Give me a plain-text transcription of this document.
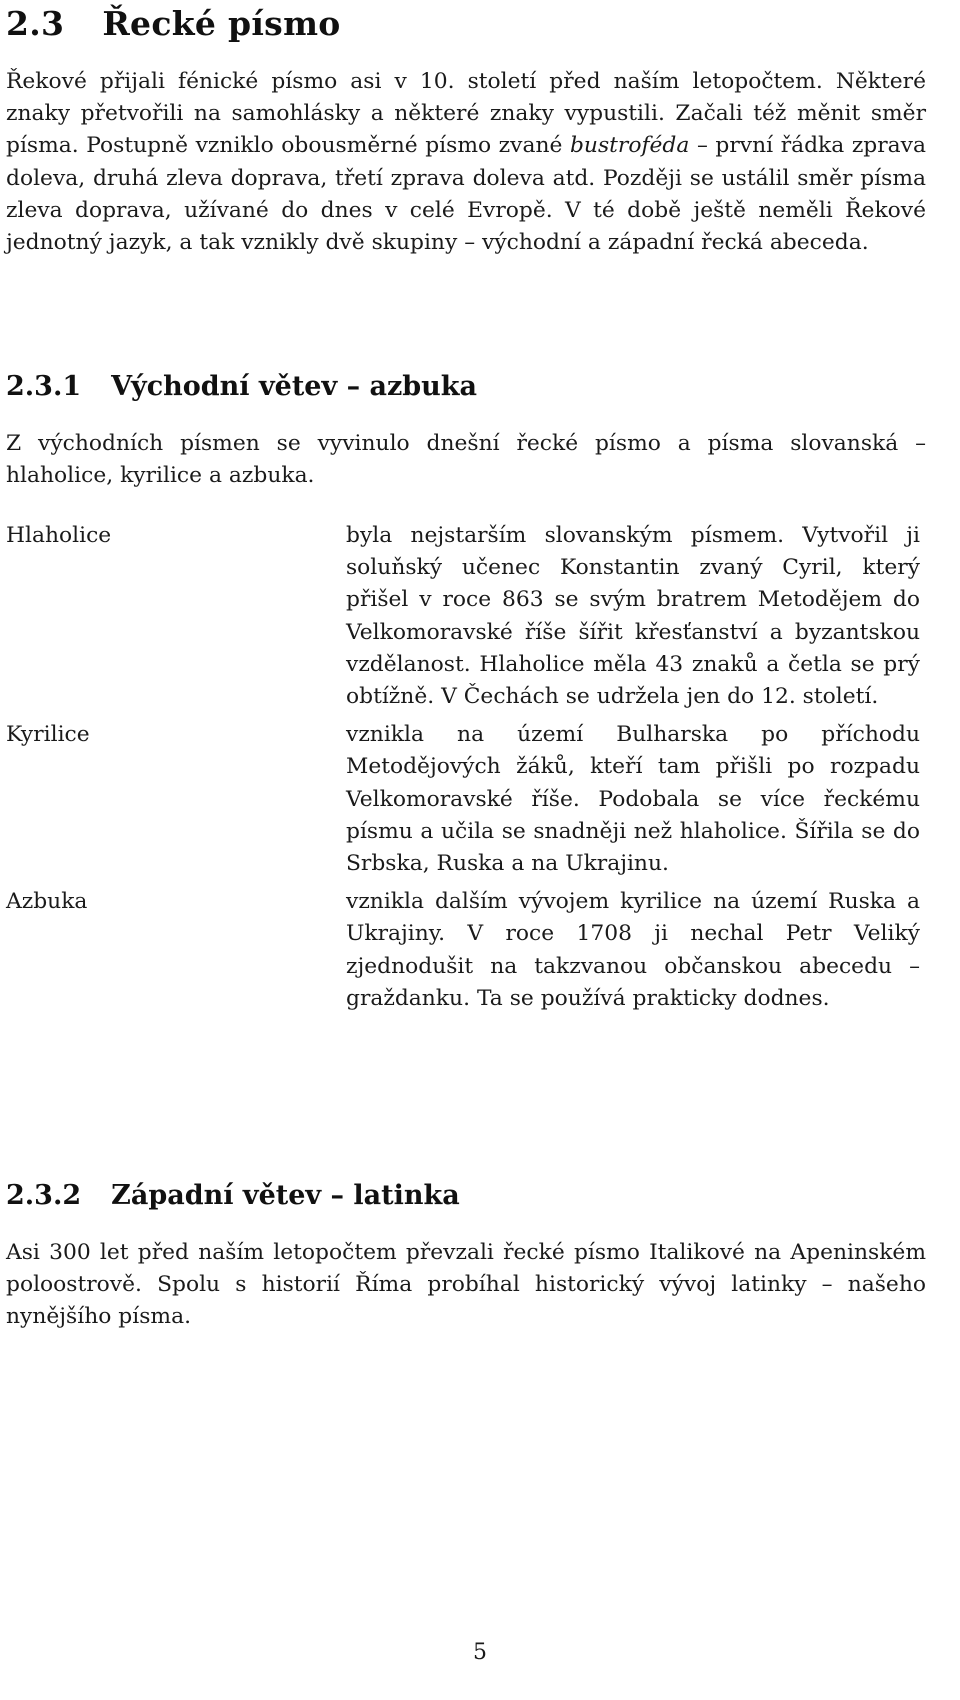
2.3 Řecké písmo

Řekové přijali fénické písmo asi v 10. století před naším letopočtem. Některé znaky přetvořili na samohlásky a některé znaky vypustili. Začali též měnit směr písma. Postupně vzniklo obousměrné písmo zvané bustroféda – první řádka zprava doleva, druhá zleva doprava, třetí zprava doleva atd. Později se ustálil směr písma zleva doprava, užívané do dnes v celé Evropě. V té době ještě neměli Řekové jednotný jazyk, a tak vznikly dvě skupiny – východní a západní řecká abeceda.

2.3.1 Východní větev – azbuka

Z východních písmen se vyvinulo dnešní řecké písmo a písma slovanská – hlaholice, kyrilice a azbuka.

Hlaholice	byla nejstarším slovanským písmem. Vytvořil ji soluňský učenec Konstantin zvaný Cyril, který přišel v roce 863 se svým bratrem Metodějem do Velkomoravské říše šířit křesťanství a byzantskou vzdělanost. Hlaholice měla 43 znaků a četla se prý obtížně. V Čechách se udržela jen do 12. století.
Kyrilice	vznikla na území Bulharska po příchodu Metodějových žáků, kteří tam přišli po rozpadu Velkomoravské říše. Podobala se více řeckému písmu a učila se snadněji než hlaholice. Šířila se do Srbska, Ruska a na Ukrajinu.
Azbuka	vznikla dalším vývojem kyrilice na území Ruska a Ukrajiny. V roce 1708 ji nechal Petr Veliký zjednodušit na takzvanou občanskou abecedu – graždanku. Ta se používá prakticky dodnes.
2.3.2 Západní větev – latinka

Asi 300 let před naším letopočtem převzali řecké písmo Italikové na Apeninském poloostrově. Spolu s historií Říma probíhal historický vývoj latinky – našeho nynějšího písma.

5
